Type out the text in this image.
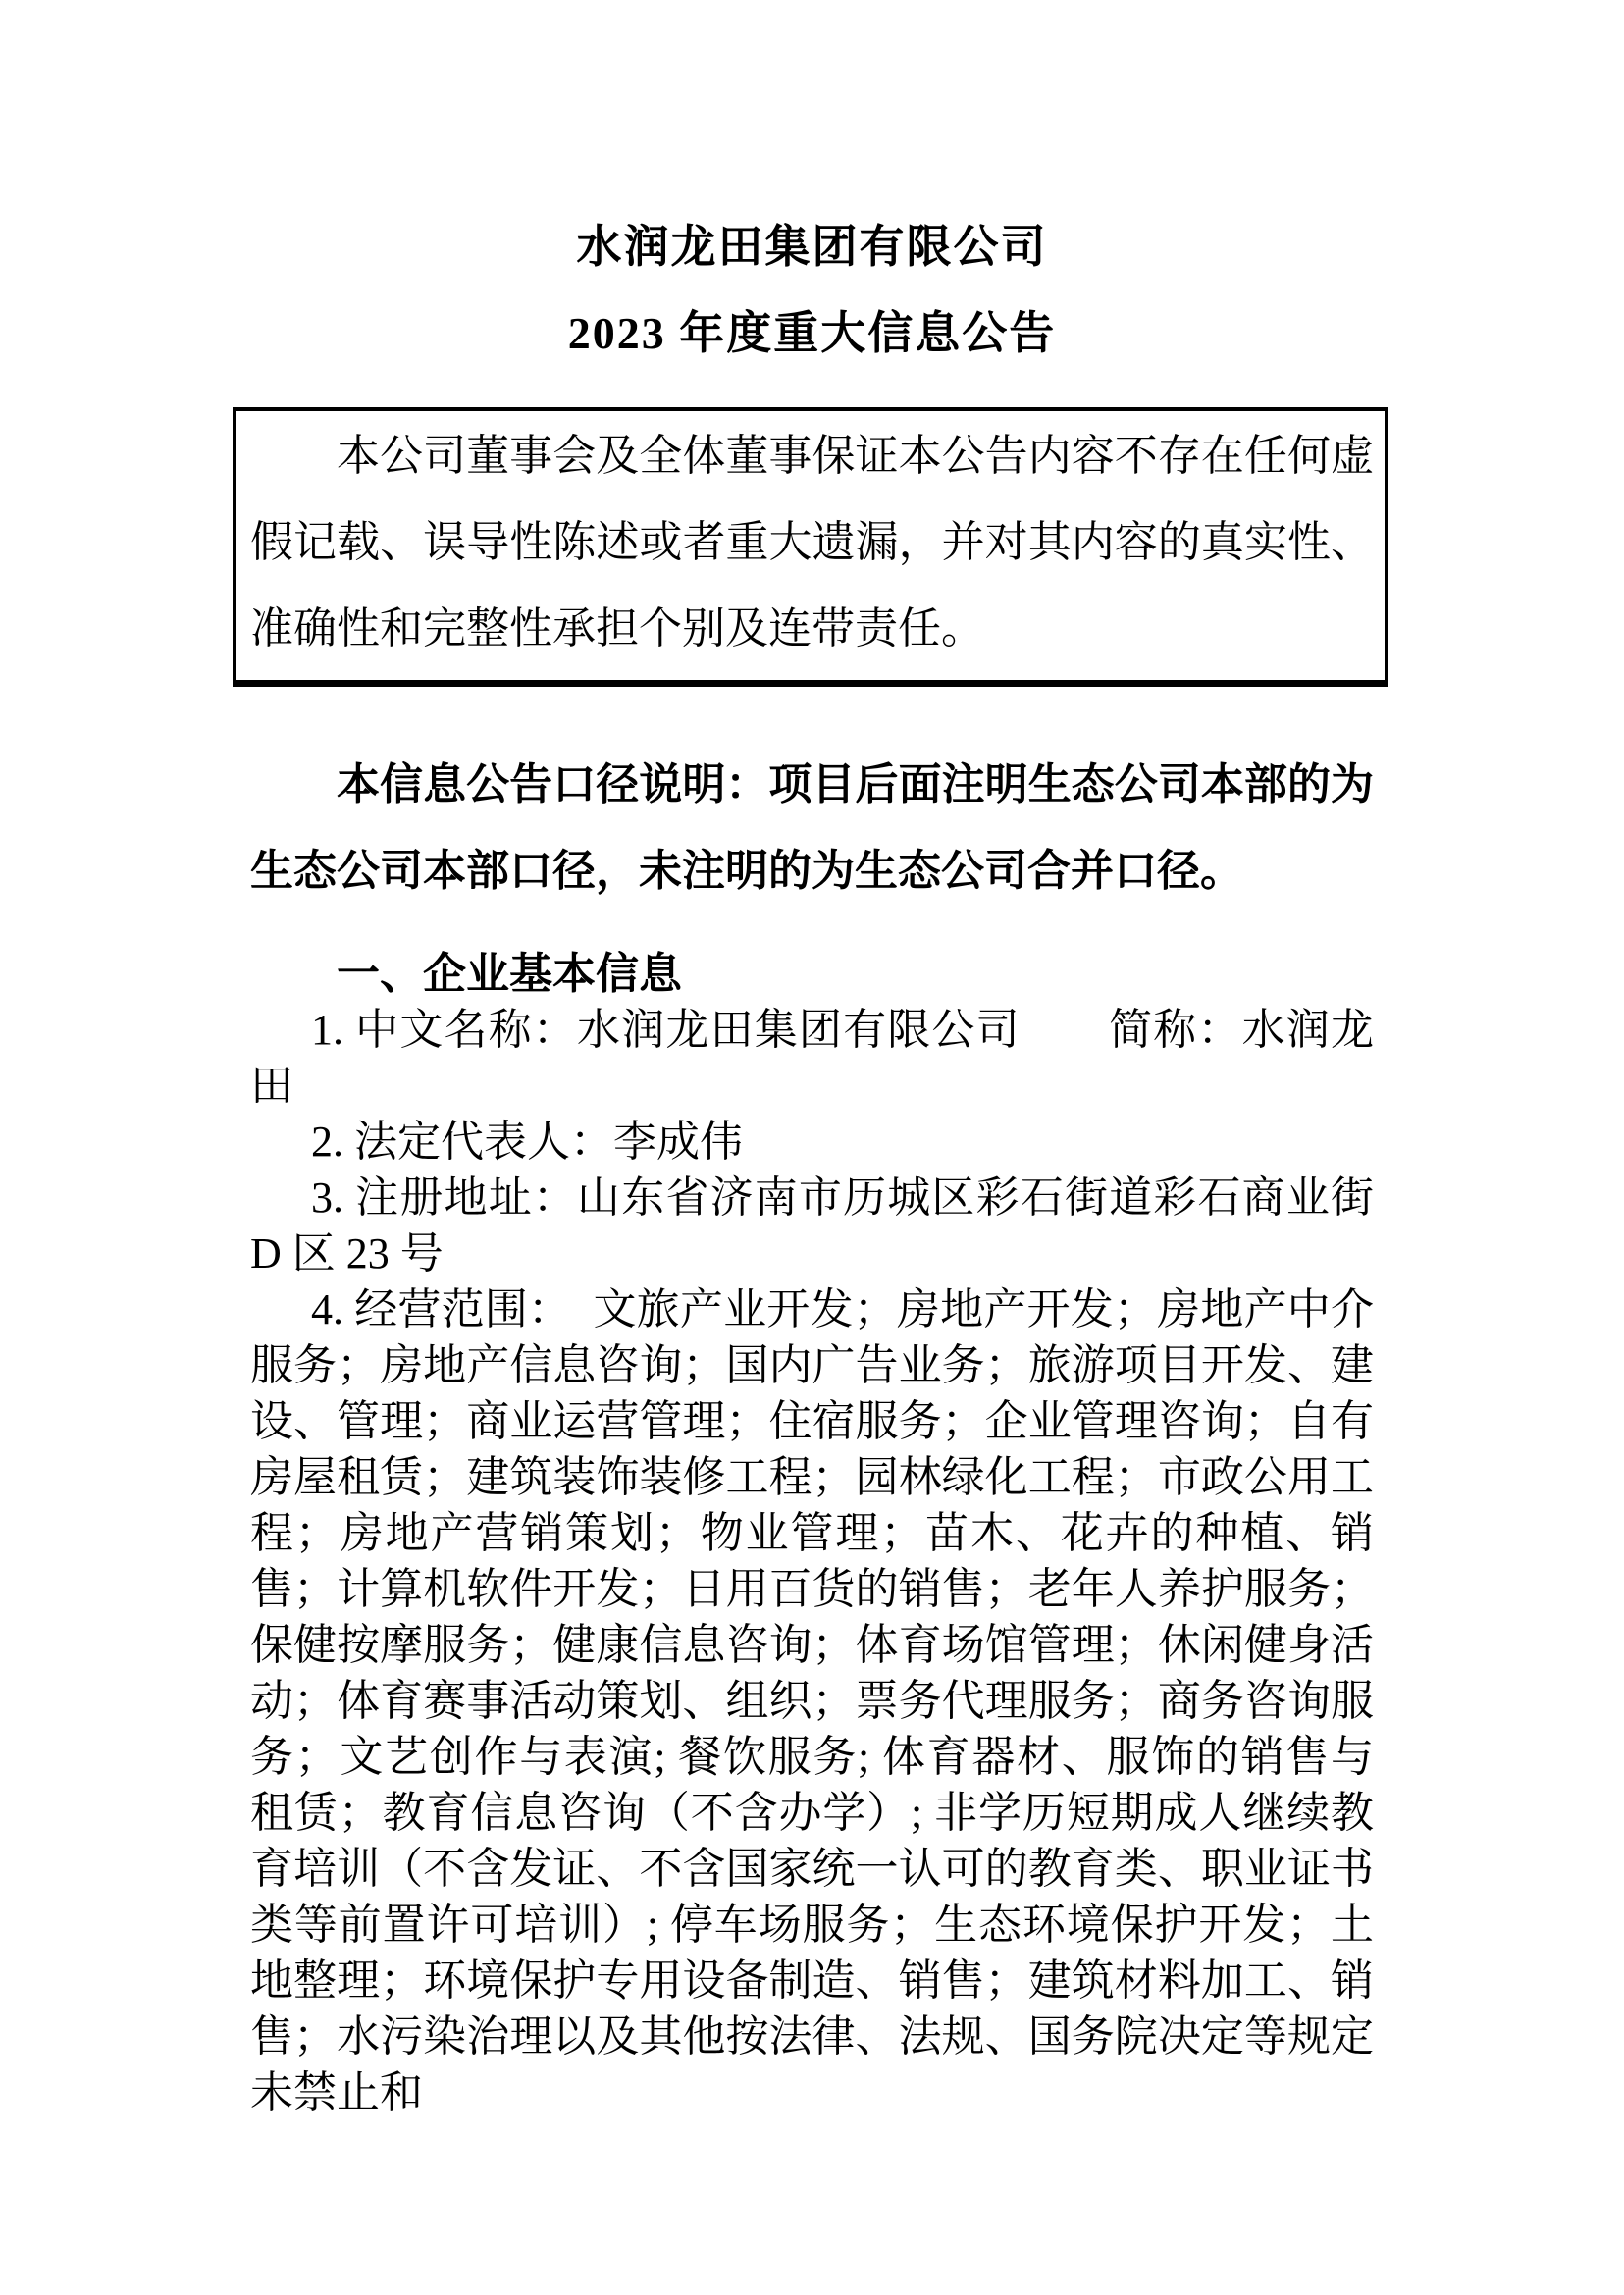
水润龙田集团有限公司
2023 年度重大信息公告

本公司董事会及全体董事保证本公告内容不存在任何虚假记载、误导性陈述或者重大遗漏，并对其内容的真实性、准确性和完整性承担个别及连带责任。

本信息公告口径说明：项目后面注明生态公司本部的为生态公司本部口径，未注明的为生态公司合并口径。

一、企业基本信息

1. 中文名称：水润龙田集团有限公司　　简称：水润龙田

2. 法定代表人：李成伟

3. 注册地址：山东省济南市历城区彩石街道彩石商业街 D 区 23 号

4. 经营范围：　文旅产业开发；房地产开发；房地产中介服务；房地产信息咨询；国内广告业务；旅游项目开发、建设、管理；商业运营管理；住宿服务；企业管理咨询；自有房屋租赁；建筑装饰装修工程；园林绿化工程；市政公用工程；房地产营销策划；物业管理；苗木、花卉的种植、销售；计算机软件开发；日用百货的销售；老年人养护服务；保健按摩服务；健康信息咨询；体育场馆管理；休闲健身活动；体育赛事活动策划、组织；票务代理服务；商务咨询服务；文艺创作与表演; 餐饮服务; 体育器材、服饰的销售与租赁；教育信息咨询（不含办学）; 非学历短期成人继续教育培训（不含发证、不含国家统一认可的教育类、职业证书类等前置许可培训）; 停车场服务；生态环境保护开发；土地整理；环境保护专用设备制造、销售；建筑材料加工、销售；水污染治理以及其他按法律、法规、国务院决定等规定未禁止和
